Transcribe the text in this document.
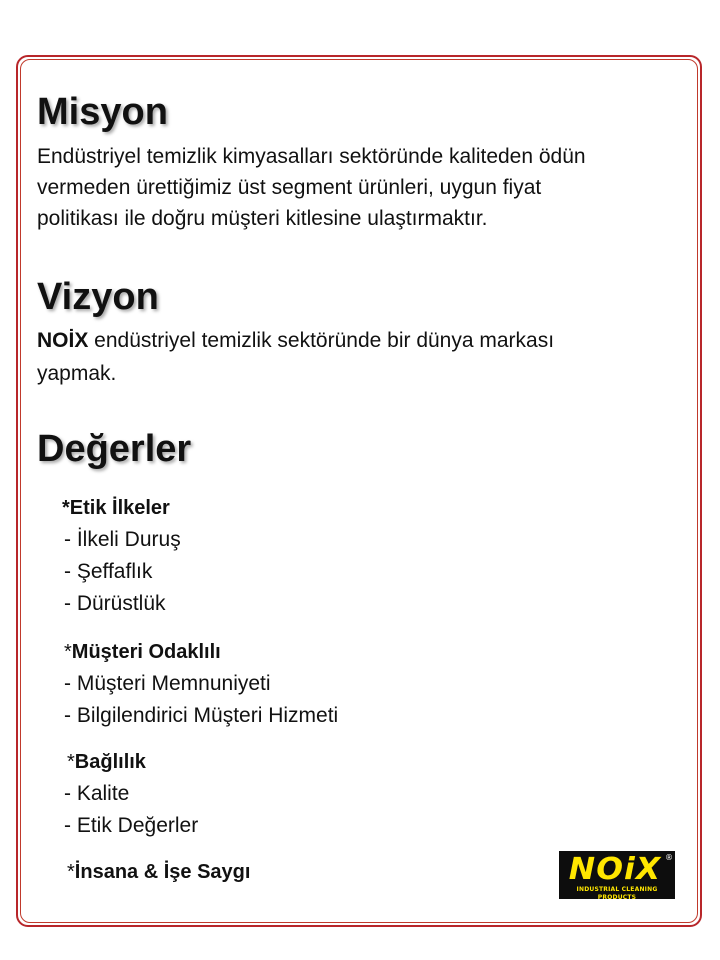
Misyon

Endüstriyel temizlik kimyasalları sektöründe kaliteden ödün

vermeden ürettiğimiz üst segment ürünleri, uygun fiyat

politikası ile doğru müşteri kitlesine ulaştırmaktır.

Vizyon

NOİX endüstriyel temizlik sektöründe bir dünya markası

yapmak.

Değerler

*Etik İlkeler

- İlkeli Duruş

- Şeffaflık

- Dürüstlük

*Müşteri Odaklılı

- Müşteri Memnuniyeti

- Bilgilendirici Müşteri Hizmeti

*Bağlılık

- Kalite

- Etik Değerler

*İnsana & İşe Saygı	NOiX ®
INDUSTRIAL CLEANING PRODUCTS
